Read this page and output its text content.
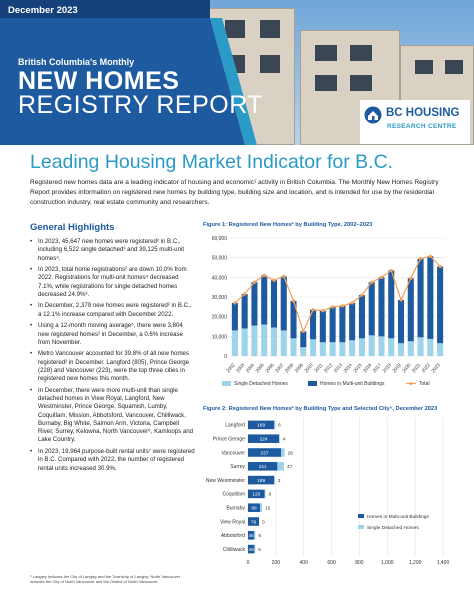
December 2023
British Columbia's Monthly
NEW HOMES
REGISTRY REPORT	BC HOUSING
RESEARCH CENTRE
Leading Housing Market Indicator for B.C.
Registered new homes data are a leading indicator of housing and economic¹ activity in British Columbia. The Monthly New Homes Registry Report provides information on registered new homes by building type, building size and location, and is intended for use by the residential construction industry, real estate community and researchers.
General Highlights
• In 2023, 45,647 new homes were registered² in B.C., including 6,522 single detached³ and 39,125 multi-unit homes⁴.
• In 2023, total home registrations² are down 10.0% from 2022. Registrations for multi-unit homes⁴ decreased 7.1%, while registrations for single detached homes decreased 24.9%³.
• In December, 2,379 new homes were registered² in B.C., a 12.1% increase compared with December 2022.
• Using a 12-month moving average⁵, there were 3,804 new registered homes² in December, a 0.6% increase from November.
• Metro Vancouver accounted for 39.8% of all new homes registered² in December. Langford (805), Prince George (228) and Vancouver (223), were the top three cities in registered new homes this month.
• In December, there were more multi-unit than single detached homes in View Royal, Langford, New Westminster, Prince George, Squamish, Lumby, Coquitlam, Mission, Abbotsford, Vancouver, Chilliwack, Burnaby, Big White, Salmon Arm, Victoria, Campbell River, Surrey, Kelowna, North Vancouver⁶, Kamloops and Lake Country.
• In 2023, 19,964 purpose-built rental units⁷ were registered in B.C. Compared with 2022, the number of registered rental units increased 30.9%.
⁶ Langley includes the City of Langley and the Township of Langley. North Vancouver includes the City of North Vancouver and the District of North Vancouver.
Figure 1: Registered New Homes² by Building Type, 2002–2023
0
10,000
20,000
30,000
40,000
50,000
60,000
2002 2003 2004 2005 2006 2007 2008 2009 2010 2011 2012 2013 2014 2015 2016 2017 2018 2019 2020 2021 2022 2023
Single Detached Homes	Homes in Multi-unit Buildings	Total
Figure 2: Registered New Homes² by Building Type and Selected City⁵, December 2023
0	200	400	600	800	1,000	1,200	1,400
Langford	189	6
Prince George	224	4
Vancouver	237	26
Surrey	211	47
New Westminster	189	3
Coquitlam 120 6
Burnaby 86 15
View Royal 79 0
Abbotsford 45 8
Chilliwack 46 6
Homes in Multi-unit Buildings
Single Detached Homes
